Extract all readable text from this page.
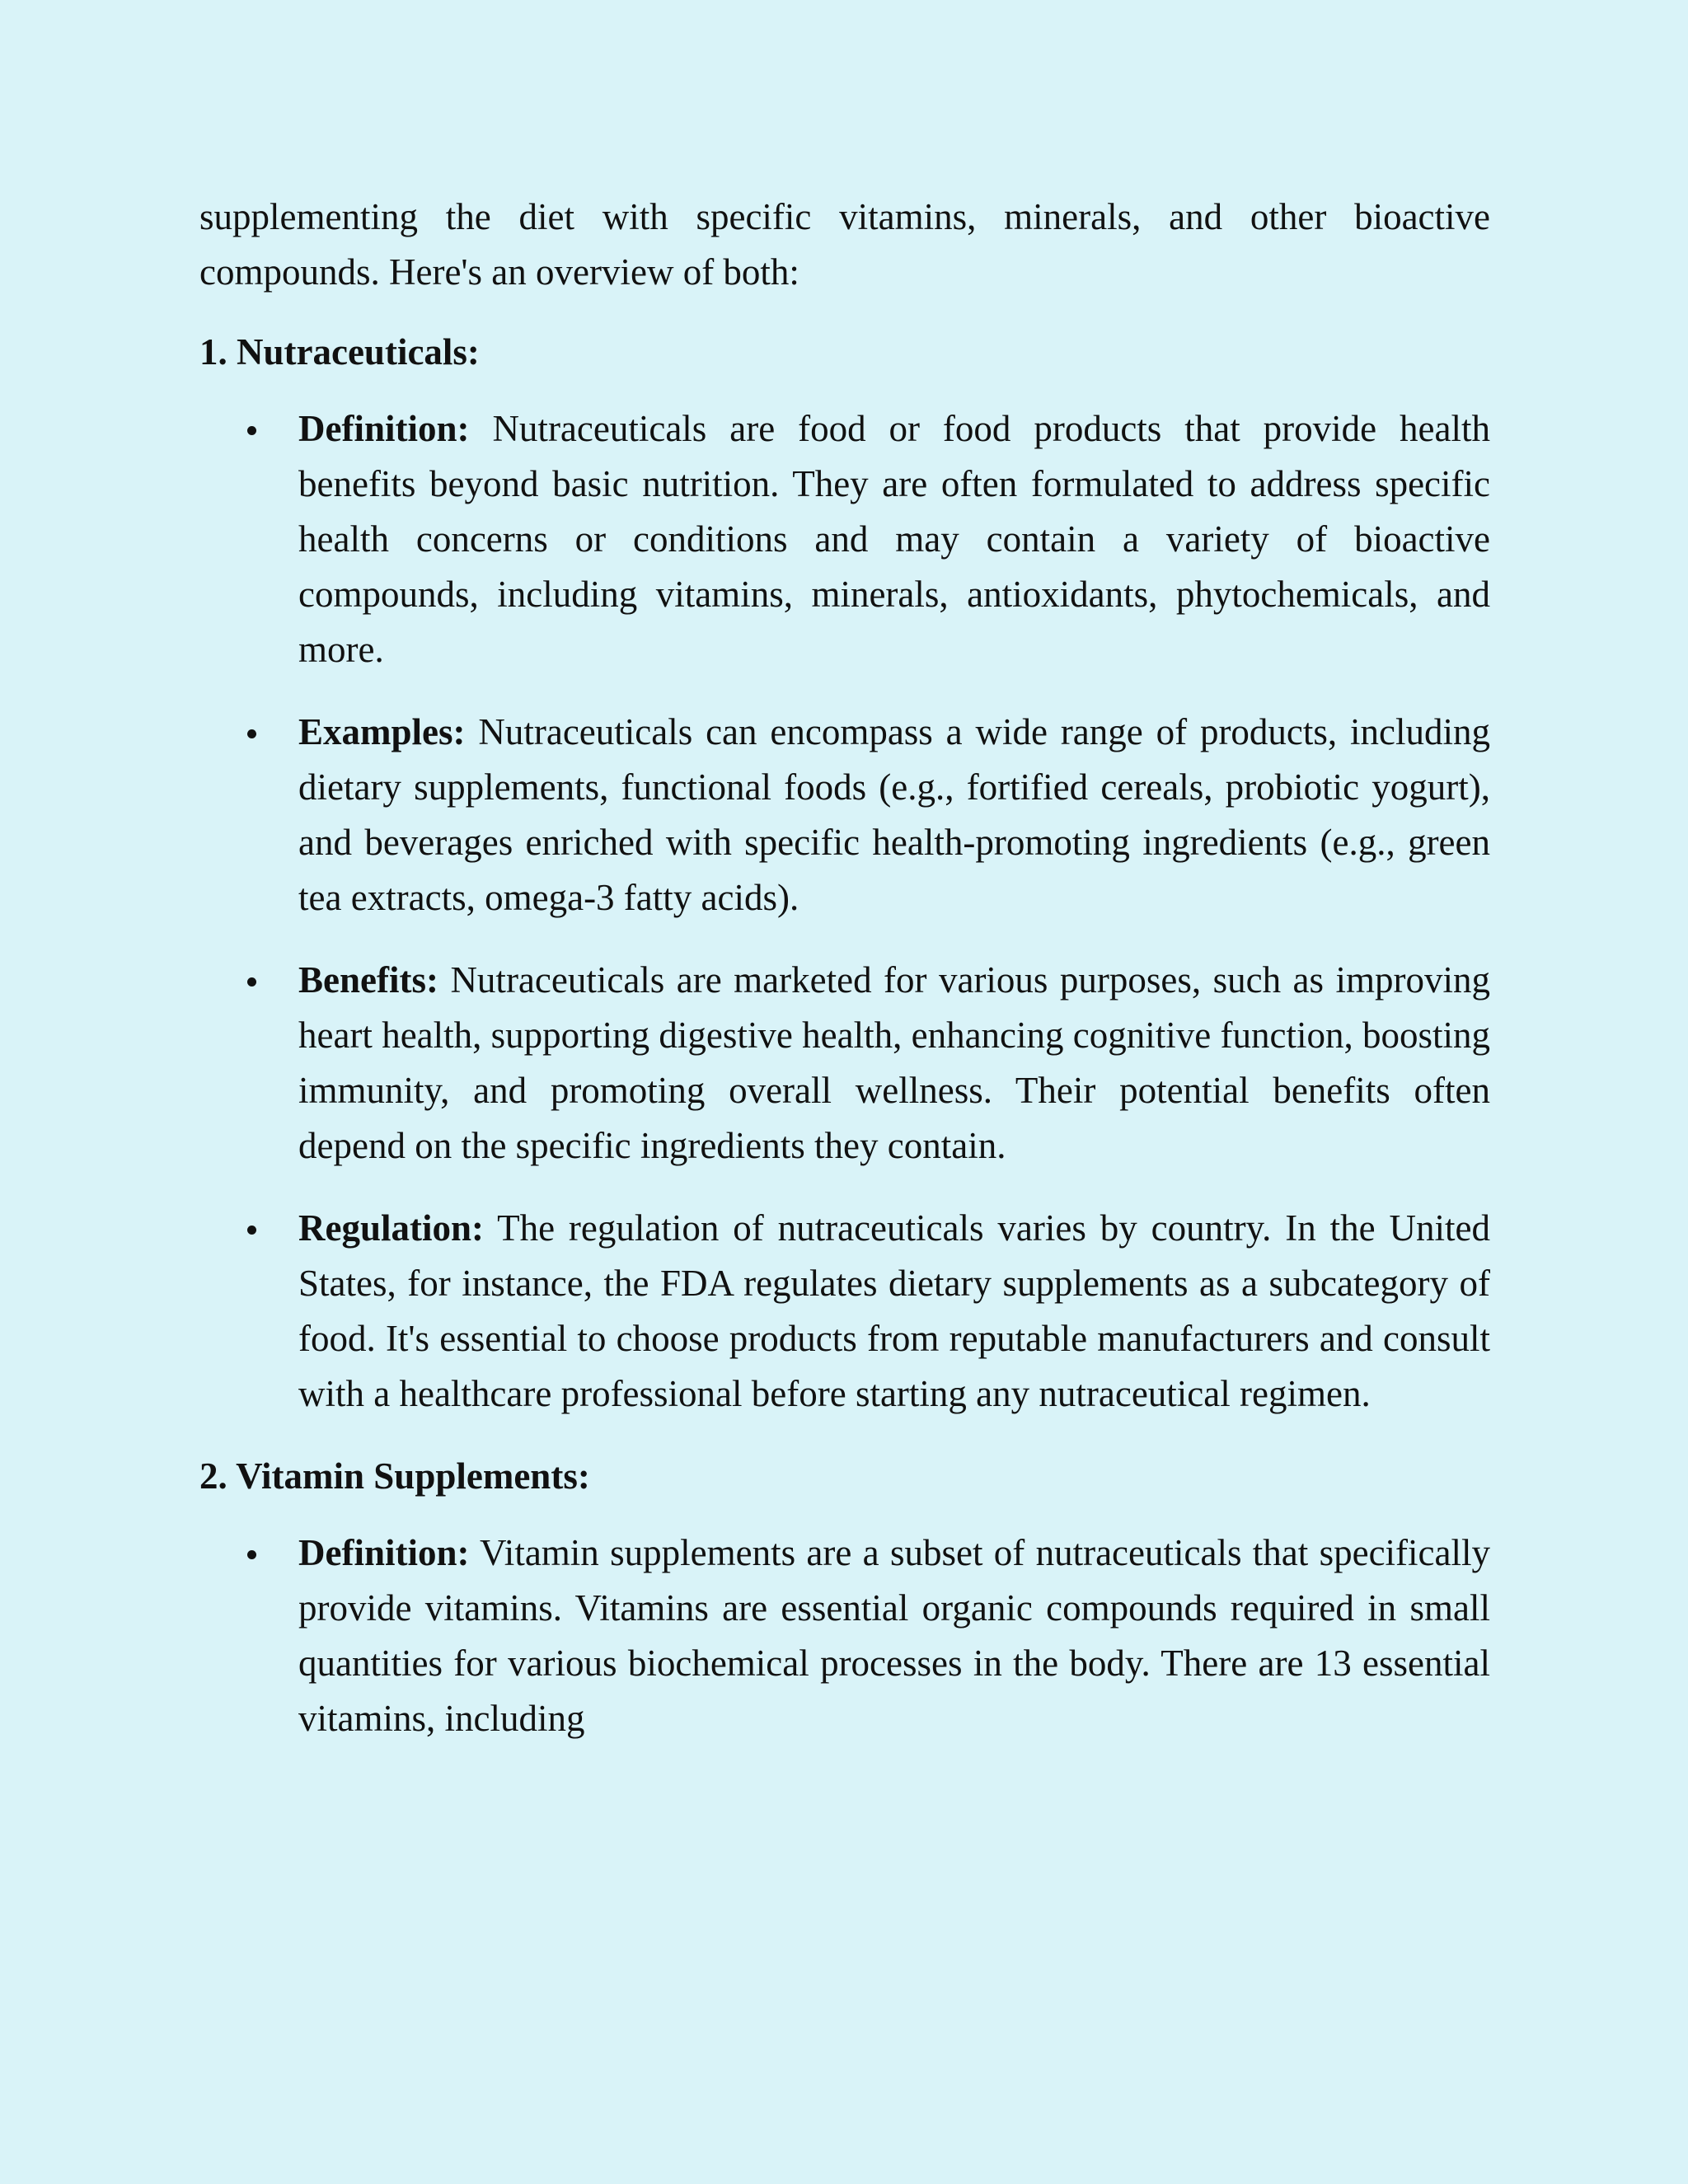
supplementing the diet with specific vitamins, minerals, and other bioactive compounds. Here's an overview of both:

1. Nutraceuticals:

Definition: Nutraceuticals are food or food products that provide health benefits beyond basic nutrition. They are often formulated to address specific health concerns or conditions and may contain a variety of bioactive compounds, including vitamins, minerals, antioxidants, phytochemicals, and more.

Examples: Nutraceuticals can encompass a wide range of products, including dietary supplements, functional foods (e.g., fortified cereals, probiotic yogurt), and beverages enriched with specific health-promoting ingredients (e.g., green tea extracts, omega-3 fatty acids).

Benefits: Nutraceuticals are marketed for various purposes, such as improving heart health, supporting digestive health, enhancing cognitive function, boosting immunity, and promoting overall wellness. Their potential benefits often depend on the specific ingredients they contain.

Regulation: The regulation of nutraceuticals varies by country. In the United States, for instance, the FDA regulates dietary supplements as a subcategory of food. It's essential to choose products from reputable manufacturers and consult with a healthcare professional before starting any nutraceutical regimen.

2. Vitamin Supplements:

Definition: Vitamin supplements are a subset of nutraceuticals that specifically provide vitamins. Vitamins are essential organic compounds required in small quantities for various biochemical processes in the body. There are 13 essential vitamins, including
